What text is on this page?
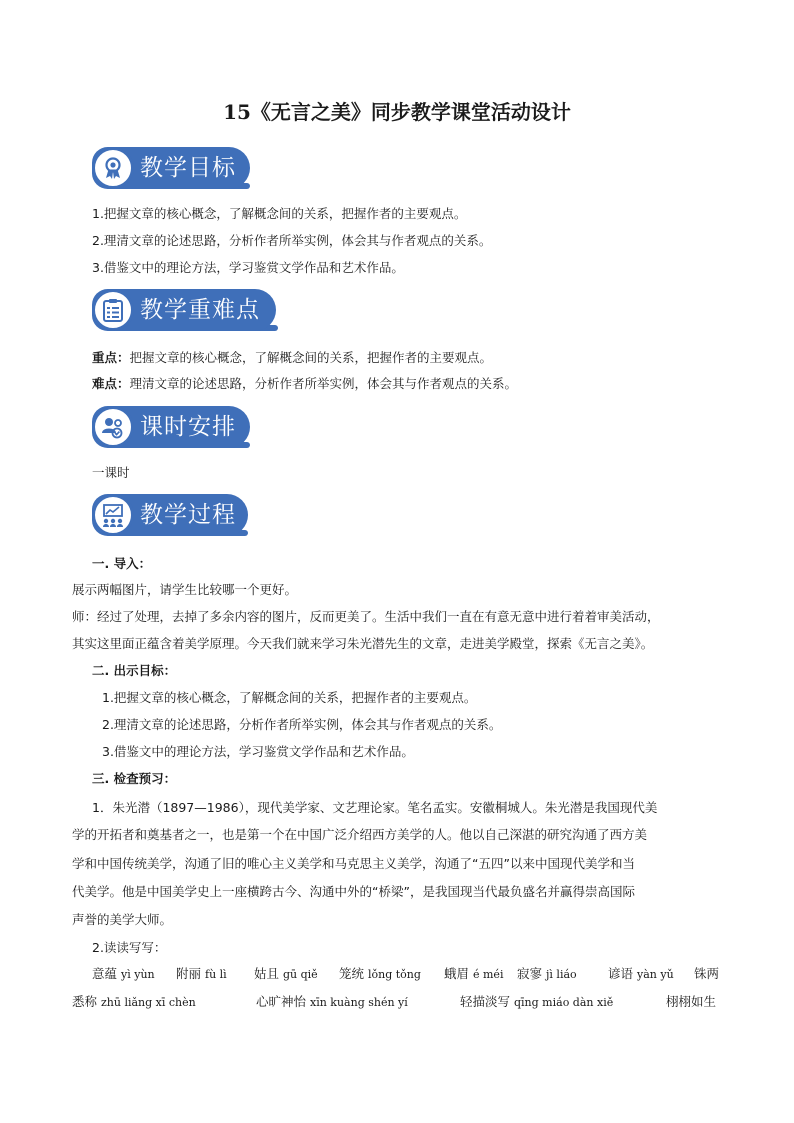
15《无言之美》同步教学课堂活动设计
教学目标
1.把握文章的核心概念，了解概念间的关系，把握作者的主要观点。
2.理清文章的论述思路，分析作者所举实例，体会其与作者观点的关系。
3.借鉴文中的理论方法，学习鉴赏文学作品和艺术作品。
教学重难点
重点：把握文章的核心概念，了解概念间的关系，把握作者的主要观点。
难点：理清文章的论述思路，分析作者所举实例，体会其与作者观点的关系。
课时安排
一课时
教学过程
一. 导入：
展示两幅图片，请学生比较哪一个更好。
师：经过了处理，去掉了多余内容的图片，反而更美了。生活中我们一直在有意无意中进行着着审美活动，
其实这里面正蕴含着美学原理。今天我们就来学习朱光潜先生的文章，走进美学殿堂，探索《无言之美》。
二. 出示目标：
1.把握文章的核心概念，了解概念间的关系，把握作者的主要观点。
2.理清文章的论述思路，分析作者所举实例，体会其与作者观点的关系。
3.借鉴文中的理论方法，学习鉴赏文学作品和艺术作品。
三. 检查预习：
1．朱光潜（1897—1986），现代美学家、文艺理论家。笔名孟实。安徽桐城人。朱光潜是我国现代美
学的开拓者和奠基者之一，也是第一个在中国广泛介绍西方美学的人。他以自己深湛的研究沟通了西方美
学和中国传统美学，沟通了旧的唯心主义美学和马克思主义美学，沟通了“五四”以来中国现代美学和当
代美学。他是中国美学史上一座横跨古今、沟通中外的“桥梁”，是我国现当代最负盛名并赢得崇高国际
声誉的美学大师。
2.读读写写：
意蕴 yì yùn 附丽 fù lì 姑且 gū qiě 笼统 lǒng tǒng 蛾眉 é méi 寂寥 jì liáo	谚语 yàn yǔ 铢两
悉称 zhū liǎng xī chèn	心旷神怡 xīn kuàng shén yí	轻描淡写 qīng miáo dàn xiě	栩栩如生
